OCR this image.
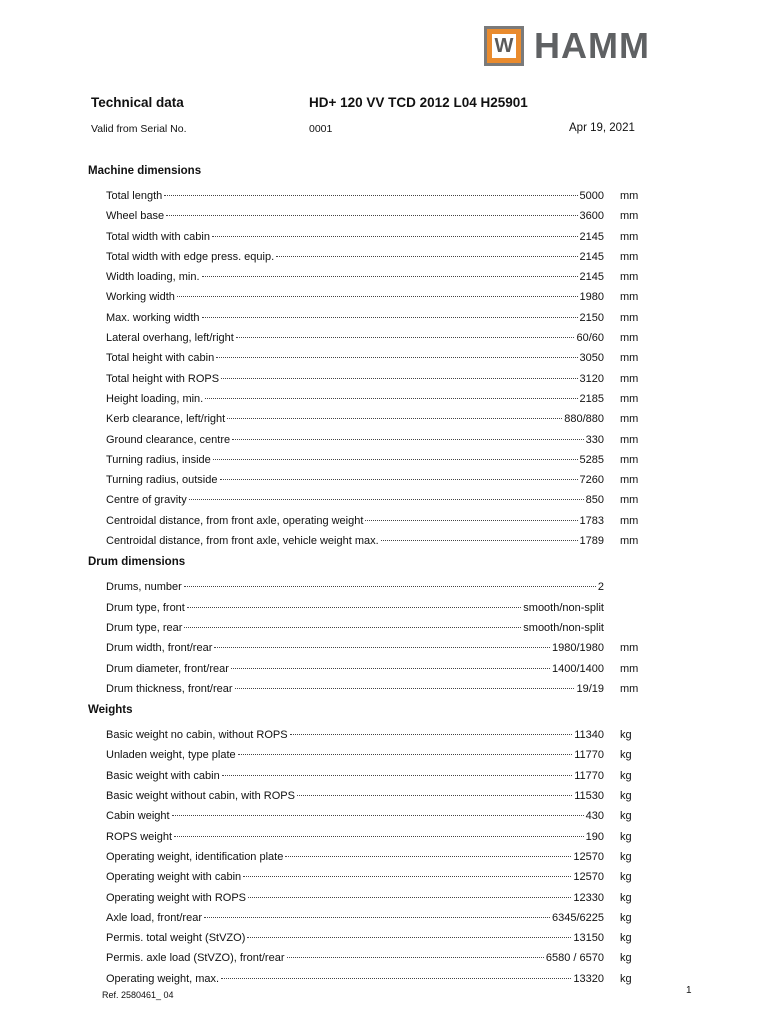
W HAMM
Technical data	HD+ 120 VV TCD 2012 L04 H25901
Valid from Serial No.	0001	Apr 19, 2021
Machine dimensions
Total length	5000 mm
Wheel base	3600 mm
Total width with cabin	2145 mm
Total width with edge press. equip.	2145 mm
Width loading, min.	2145 mm
Working width	1980 mm
Max. working width	2150 mm
Lateral overhang, left/right	60/60 mm
Total height with cabin	3050 mm
Total height with ROPS	3120 mm
Height loading, min.	2185 mm
Kerb clearance, left/right	880/880 mm
Ground clearance, centre	330 mm
Turning radius, inside	5285 mm
Turning radius, outside	7260 mm
Centre of gravity	850 mm
Centroidal distance, from front axle, operating weight	1783 mm
Centroidal distance, from front axle, vehicle weight max.	1789 mm
Drum dimensions
Drums, number	2
Drum type, front	smooth/non-split
Drum type, rear	smooth/non-split
Drum width, front/rear	1980/1980 mm
Drum diameter, front/rear	1400/1400 mm
Drum thickness, front/rear	19/19 mm
Weights
Basic weight no cabin, without ROPS	11340 kg
Unladen weight, type plate	11770 kg
Basic weight with cabin	11770 kg
Basic weight without cabin, with ROPS	11530 kg
Cabin weight	430 kg
ROPS weight	190 kg
Operating weight, identification plate	12570 kg
Operating weight with cabin	12570 kg
Operating weight with ROPS	12330 kg
Axle load, front/rear	6345/6225 kg
Permis. total weight (StVZO)	13150 kg
Permis. axle load (StVZO), front/rear	6580 / 6570 kg
Operating weight, max.	13320 kg
Ref. 2580461_ 04	1
